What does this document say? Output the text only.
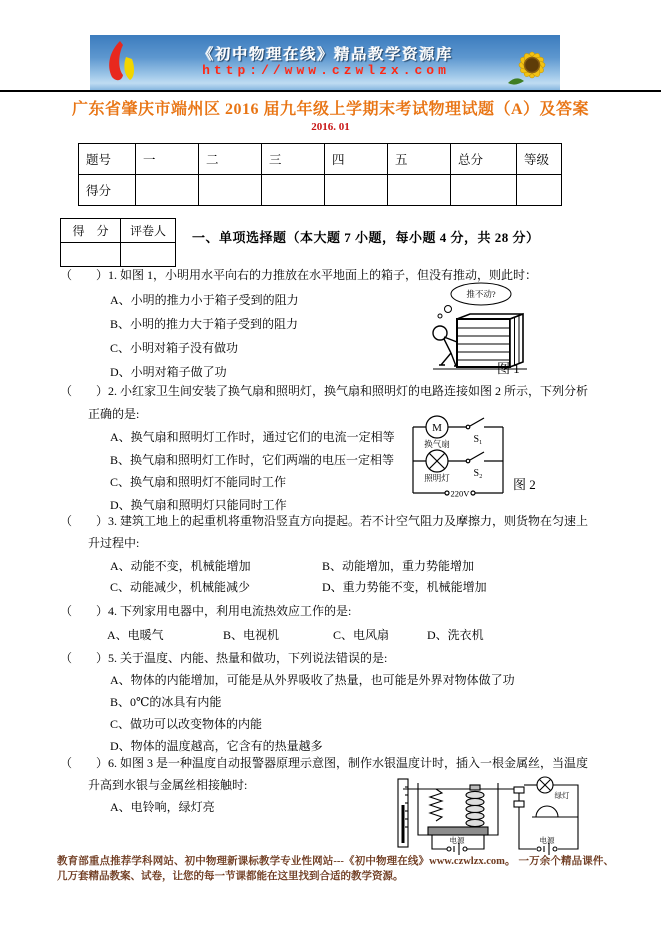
《初中物理在线》精品教学资源库
http://www.czwlzx.com
广东省肇庆市端州区 2016 届九年级上学期末考试物理试题（A）及答案
2016. 01
题号	一	二	三	四	五	总分	等级
得分							
得　分	评卷人
	一、单项选择题（本大题 7 小题，每小题 4 分，共 28 分）
（　　）1. 如图 1，小明用水平向右的力推放在水平地面上的箱子，但没有推动，则此时：
A、小明的推力小于箱子受到的阻力
B、小明的推力大于箱子受到的阻力
C、小明对箱子没有做功
D、小明对箱子做了功
推不动?
图 1
（　　）2. 小红家卫生间安装了换气扇和照明灯，换气扇和照明灯的电路连接如图 2 所示，下列分析
正确的是:
A、换气扇和照明灯工作时，通过它们的电流一定相等
B、换气扇和照明灯工作时，它们两端的电压一定相等
C、换气扇和照明灯不能同时工作
D、换气扇和照明灯只能同时工作
M
换气扇
照明灯
S₁
S₂
220V
图 2
（　　）3. 建筑工地上的起重机将重物沿竖直方向提起。若不计空气阻力及摩擦力，则货物在匀速上
升过程中:
A、动能不变，机械能增加	B、动能增加，重力势能增加
C、动能减少，机械能减少	D、重力势能不变，机械能增加
（　　）4. 下列家用电器中，利用电流热效应工作的是:
A、电暖气	B、电视机	C、电风扇	D、洗衣机
（　　）5. 关于温度、内能、热量和做功，下列说法错误的是:
A、物体的内能增加，可能是从外界吸收了热量，也可能是外界对物体做了功
B、0℃的冰具有内能
C、做功可以改变物体的内能
D、物体的温度越高，它含有的热量越多
（　　）6. 如图 3 是一种温度自动报警器原理示意图，制作水银温度计时，插入一根金属丝，当温度
升高到水银与金属丝相接触时:
A、电铃响，绿灯亮
绿灯
电源	电源

教育部重点推荐学科网站、初中物理新课标教学专业性网站---《初中物理在线》www.czwlzx.com。 一万余个精品课件、几万套精品教案、试卷，让您的每一节课都能在这里找到合适的教学资源。
